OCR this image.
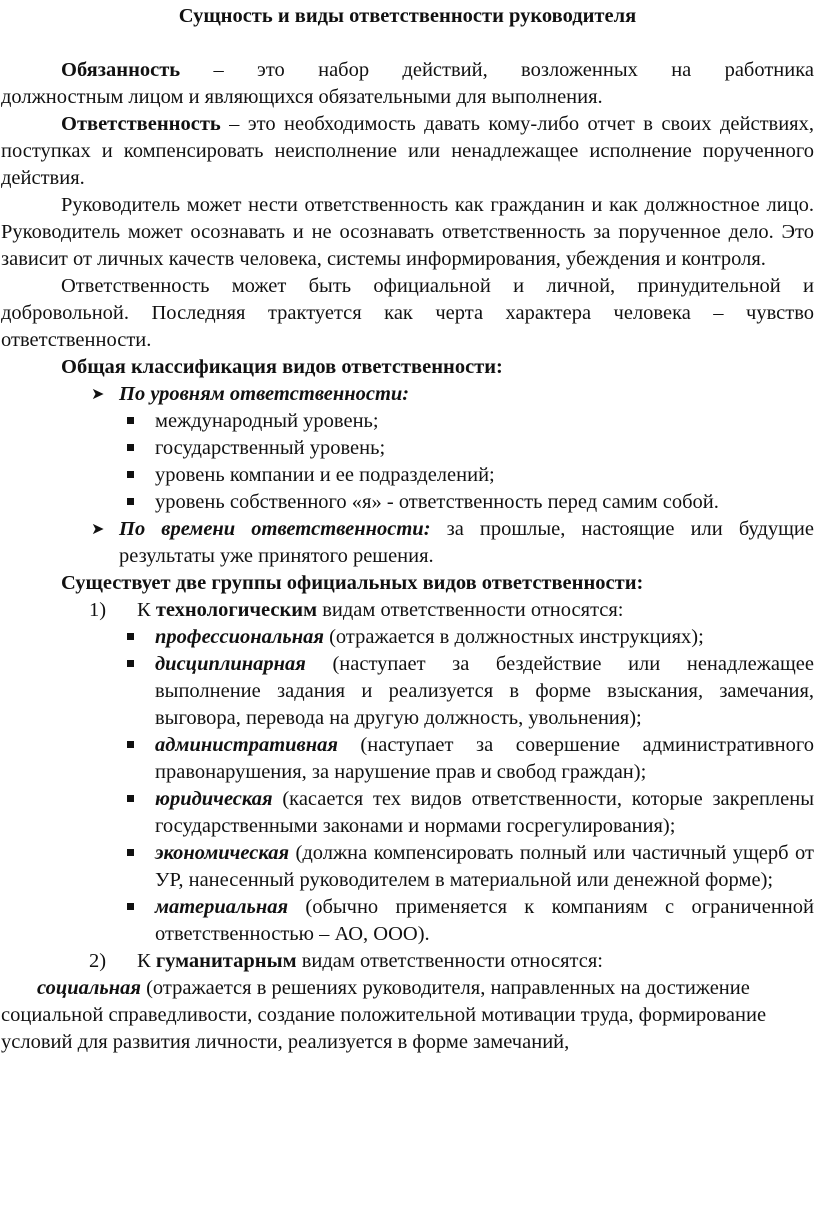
Сущность и виды ответственности руководителя

Обязанность – это набор действий, возложенных на работника

должностным лицом и являющихся обязательными для выполнения.

Ответственность – это необходимость давать кому-либо отчет в своих действиях, поступках и компенсировать неисполнение или ненадлежащее исполнение порученного действия.

Руководитель может нести ответственность как гражданин и как должностное лицо. Руководитель может осознавать и не осознавать ответственность за порученное дело. Это зависит от личных качеств человека, системы информирования, убеждения и контроля.

Ответственность может быть официальной и личной, принудительной и добровольной. Последняя трактуется как черта характера человека – чувство ответственности.

Общая классификация видов ответственности:
➤ По уровням ответственности:
международный уровень;
государственный уровень;
уровень компании и ее подразделений;
уровень собственного «я» - ответственность перед самим собой.
➤ По времени ответственности: за прошлые, настоящие или будущие результаты уже принятого решения.
Существует две группы официальных видов ответственности:
1) К технологическим видам ответственности относятся:
профессиональная (отражается в должностных инструкциях);
дисциплинарная (наступает за бездействие или ненадлежащее выполнение задания и реализуется в форме взыскания, замечания, выговора, перевода на другую должность, увольнения);
административная (наступает за совершение административного правонарушения, за нарушение прав и свобод граждан);
юридическая (касается тех видов ответственности, которые закреплены государственными законами и нормами госрегулирования);
экономическая (должна компенсировать полный или частичный ущерб от УР, нанесенный руководителем в материальной или денежной форме);
материальная (обычно применяется к компаниям с ограниченной ответственностью – АО, ООО).
2) К гуманитарным видам ответственности относятся:

социальная (отражается в решениях руководителя, направленных на достижение социальной справедливости, создание положительной мотивации труда, формирование условий для развития личности, реализуется в форме замечаний,
